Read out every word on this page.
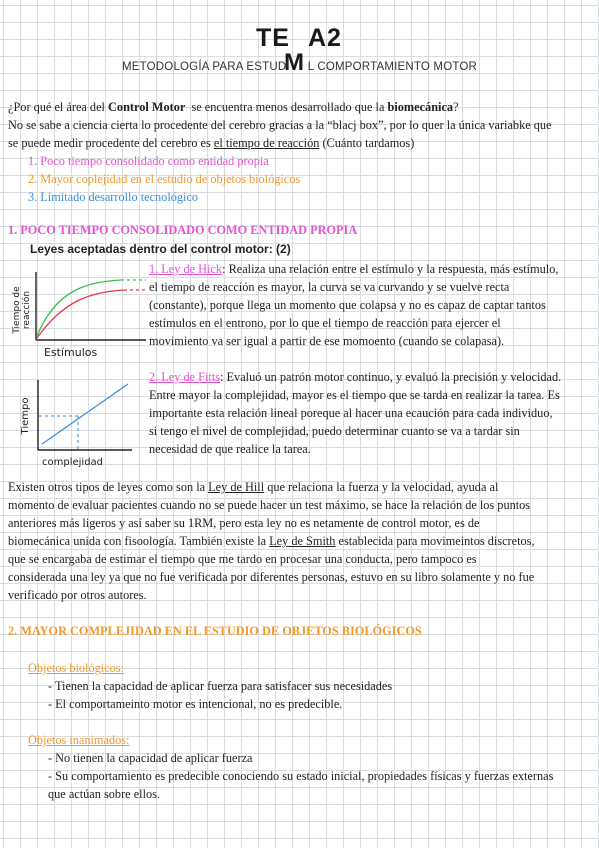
TE A2
M
METODOLOGÍA PARA ESTUDI L COMPORTAMIENTO MOTOR
¿Por qué el área del Control Motor  se encuentra menos desarrollado que la biomecánica?
No se sabe a ciencia cierta lo procedente del cerebro gracias a la “blacj box”, por lo quer la única variabke que
se puede medir procedente del cerebro es el tiempo de reacción (Cuánto tardamos)
1. Poco tiempo consolidado como entidad propia
2. Mayor coplejidad en el estudio de objetos biológicos
3. Limitado desarrollo tecnológico
1. POCO TIEMPO CONSOLIDADO COMO ENTIDAD PROPIA
Leyes aceptadas dentro del control motor: (2)
Tiempo de reacción
Estímulos
1. Ley de Hick: Realiza una relación entre el estímulo y la respuesta, más estímulo,
el tiempo de reacción es mayor, la curva se va curvando y se vuelve recta
(constante), porque llega un momento que colapsa y no es capaz de captar tantos
estímulos en el entrono, por lo que el tiempo de reacción para ejercer el
movimiento va ser igual a partir de ese momoento (cuando se colapasa).
Tiempo
complejidad
2. Ley de Fitts: Evaluó un patrón motor continuo, y evaluó la precisión y velocidad.
Entre mayor la complejidad, mayor es el tiempo que se tarda en realizar la tarea. Es
importante esta relación lineal poreque al hacer una ecaución para cada individuo,
si tengo el nivel de complejidad, puedo determinar cuanto se va a tardar sin
necesidad de que realice la tarea.
Existen otros tipos de leyes como son la Ley de Hill que relaciona la fuerza y la velocidad, ayuda al
momento de evaluar pacientes cuando no se puede hacer un test máximo, se hace la relación de los puntos
anteriores más ligeros y así saber su 1RM, pero esta ley no es netamente de control motor, es de
biomecánica unida con fisoología. También existe la Ley de Smith establecida para movimeintos discretos,
que se encargaba de estimar el tiempo que me tardo en procesar una conducta, pero tampoco es
considerada una ley ya que no fue verificada por diferentes personas, estuvo en su libro solamente y no fue
verificado por otros autores.
2. MAYOR COMPLEJIDAD EN EL ESTUDIO DE OBJETOS BIOLÓGICOS
Objetos biológicos:
- Tienen la capacidad de aplicar fuerza para satisfacer sus necesidades
- El comportameinto motor es intencional, no es predecible.
Objetos inanimados:
- No tienen la capacidad de aplicar fuerza
- Su comportamiento es predecible conociendo su estado inicial, propiedades físicas y fuerzas externas
que actúan sobre ellos.
